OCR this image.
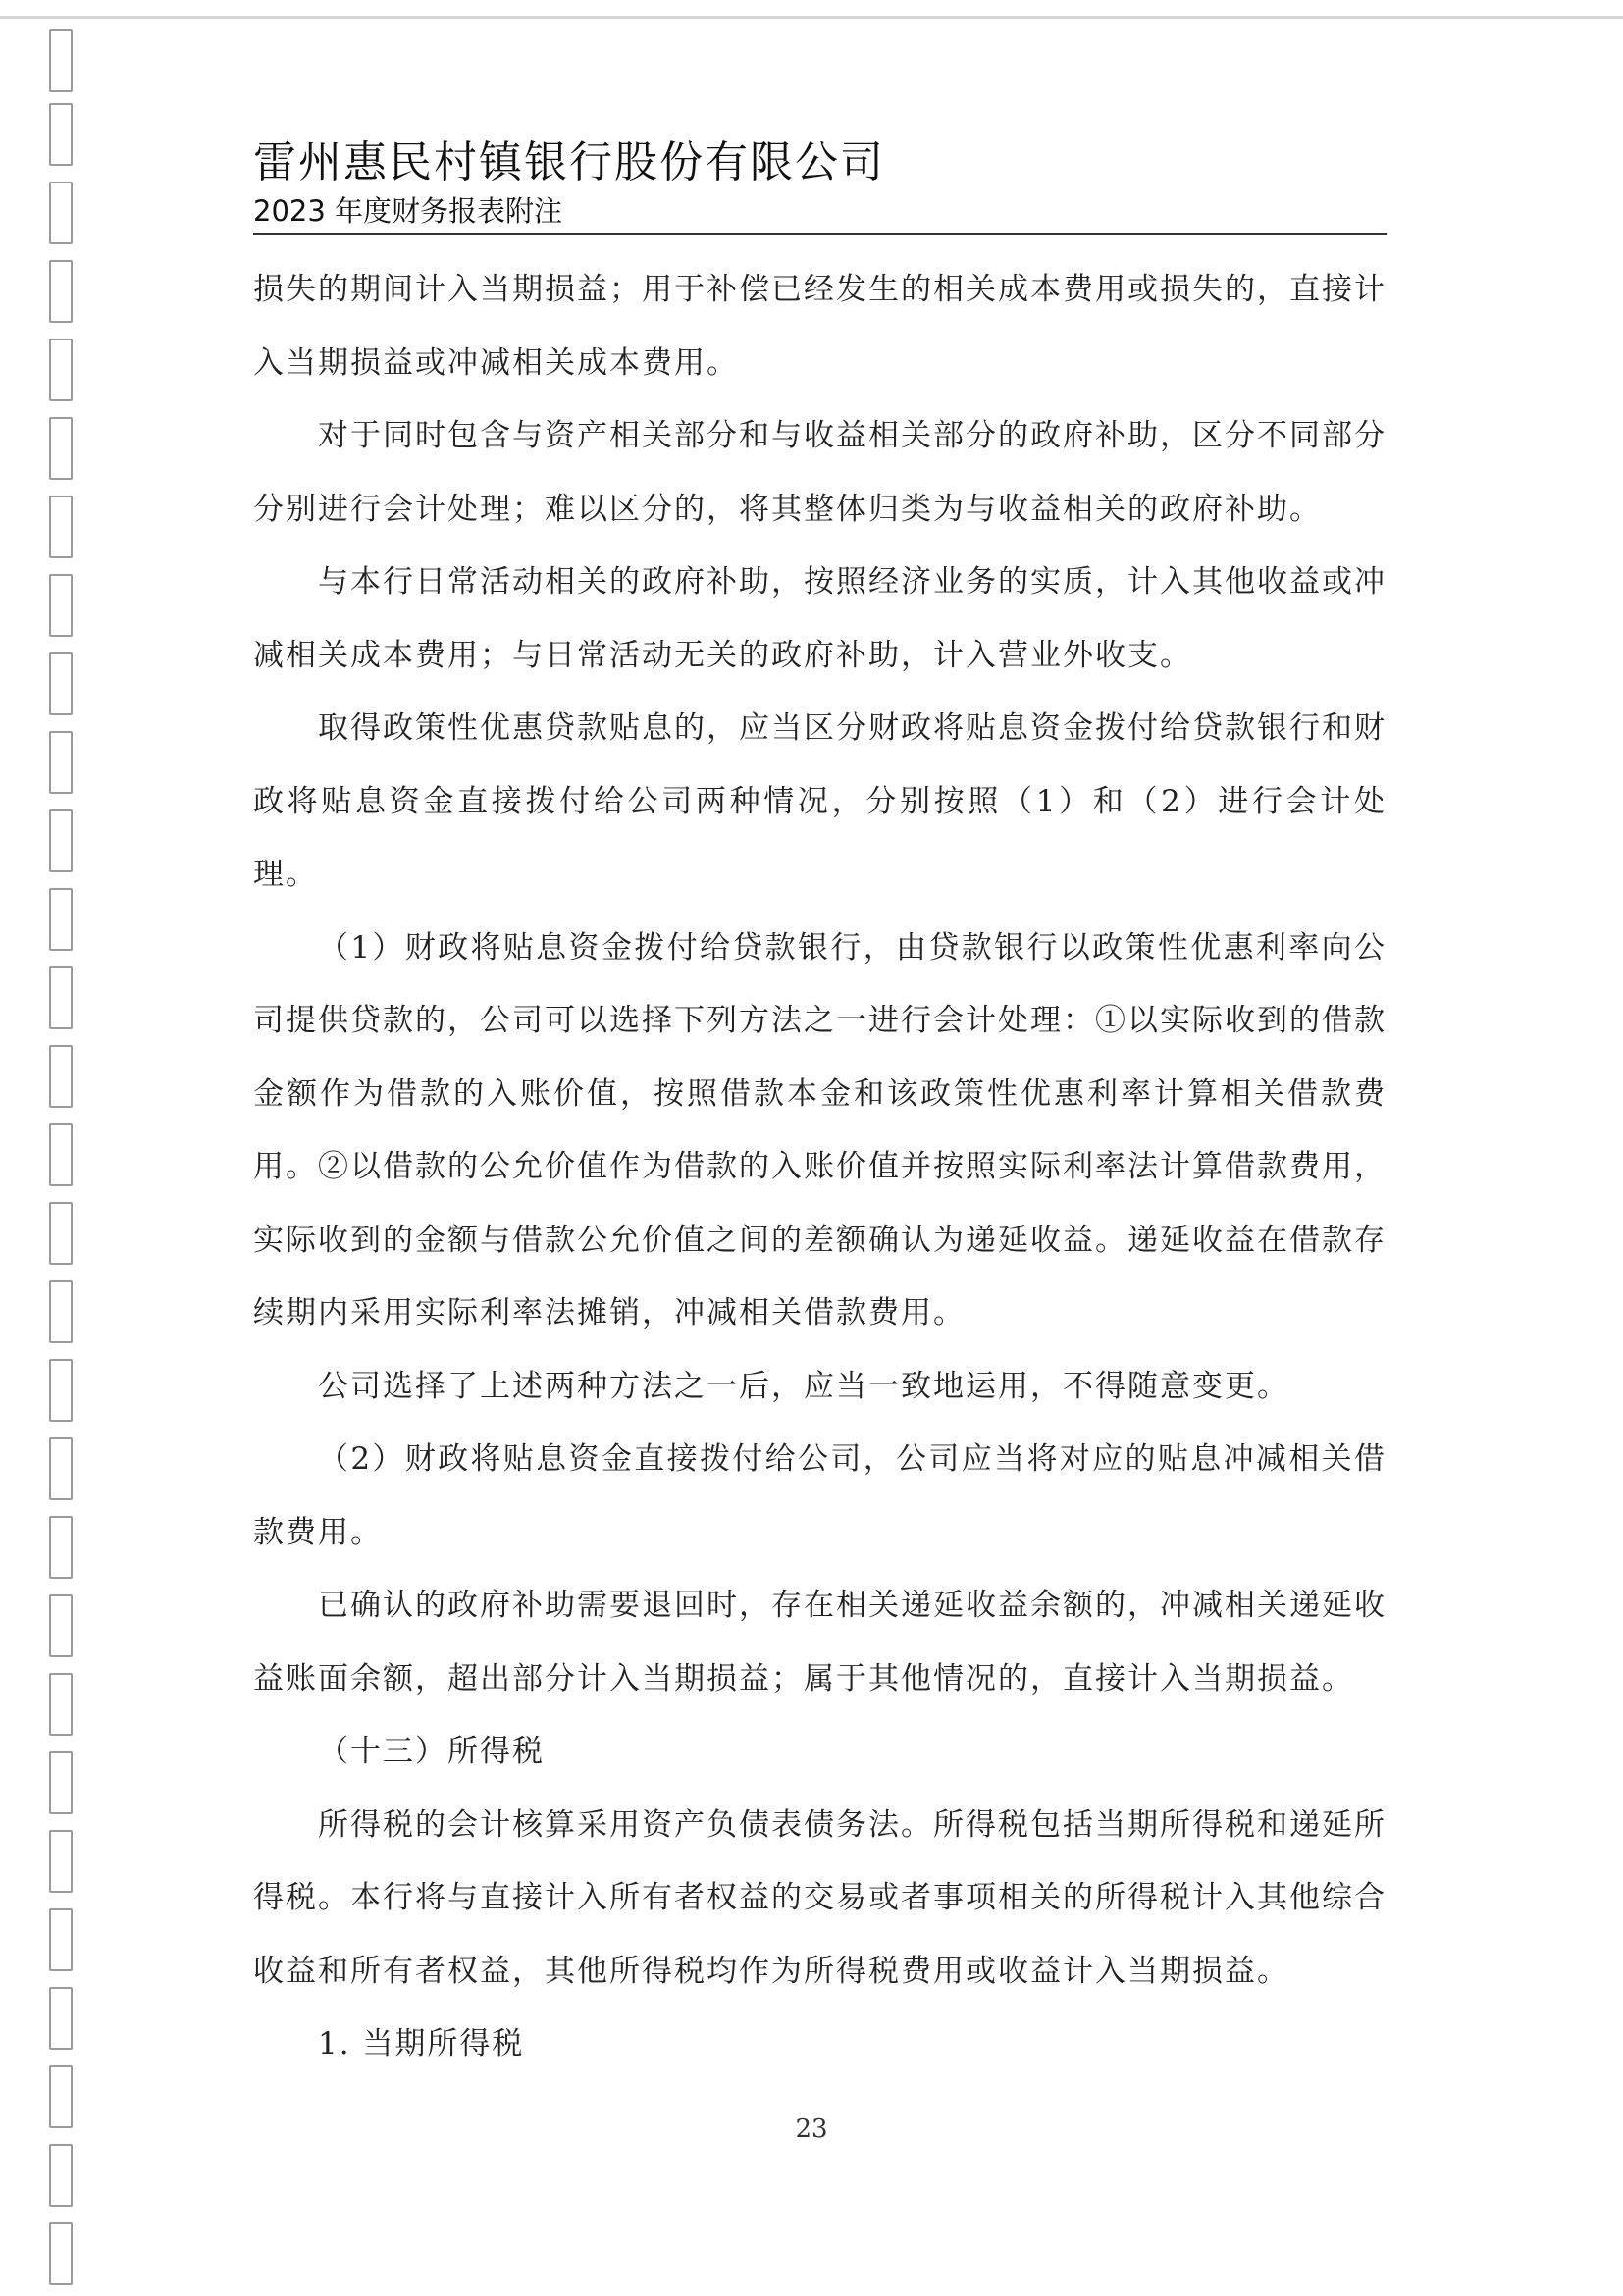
雷州惠民村镇银行股份有限公司
2023 年度财务报表附注

损失的期间计入当期损益；用于补偿已经发生的相关成本费用或损失的，直接计入当期损益或冲减相关成本费用。

对于同时包含与资产相关部分和与收益相关部分的政府补助，区分不同部分分别进行会计处理；难以区分的，将其整体归类为与收益相关的政府补助。

与本行日常活动相关的政府补助，按照经济业务的实质，计入其他收益或冲减相关成本费用；与日常活动无关的政府补助，计入营业外收支。

取得政策性优惠贷款贴息的，应当区分财政将贴息资金拨付给贷款银行和财政将贴息资金直接拨付给公司两种情况，分别按照（1）和（2）进行会计处理。

（1）财政将贴息资金拨付给贷款银行，由贷款银行以政策性优惠利率向公司提供贷款的，公司可以选择下列方法之一进行会计处理：①以实际收到的借款金额作为借款的入账价值，按照借款本金和该政策性优惠利率计算相关借款费用。②以借款的公允价值作为借款的入账价值并按照实际利率法计算借款费用，实际收到的金额与借款公允价值之间的差额确认为递延收益。递延收益在借款存续期内采用实际利率法摊销，冲减相关借款费用。

公司选择了上述两种方法之一后，应当一致地运用，不得随意变更。

（2）财政将贴息资金直接拨付给公司，公司应当将对应的贴息冲减相关借款费用。

已确认的政府补助需要退回时，存在相关递延收益余额的，冲减相关递延收益账面余额，超出部分计入当期损益；属于其他情况的，直接计入当期损益。

（十三）所得税

所得税的会计核算采用资产负债表债务法。所得税包括当期所得税和递延所得税。本行将与直接计入所有者权益的交易或者事项相关的所得税计入其他综合收益和所有者权益，其他所得税均作为所得税费用或收益计入当期损益。

1. 当期所得税

23
